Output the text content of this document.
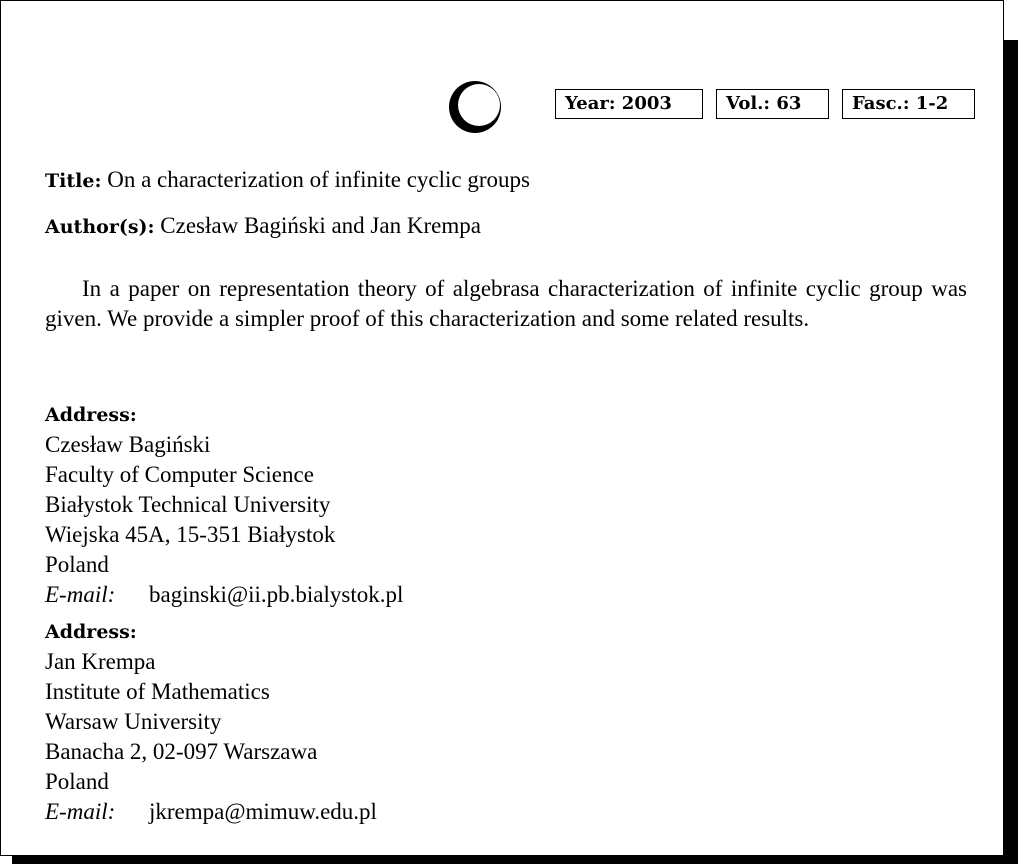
Year: 2003	Vol.: 63	Fasc.: 1-2
Title: On a characterization of infinite cyclic groups
Author(s): Czesław Bagiński and Jan Krempa
In a paper on representation theory of algebrasa characterization of infinite cyclic group was given. We provide a simpler proof of this characterization and some related results.
Address:
Czesław Bagiński
Faculty of Computer Science
Białystok Technical University
Wiejska 45A, 15-351 Białystok
Poland
E-mail: baginski@ii.pb.bialystok.pl
Address:
Jan Krempa
Institute of Mathematics
Warsaw University
Banacha 2, 02-097 Warszawa
Poland
E-mail: jkrempa@mimuw.edu.pl
